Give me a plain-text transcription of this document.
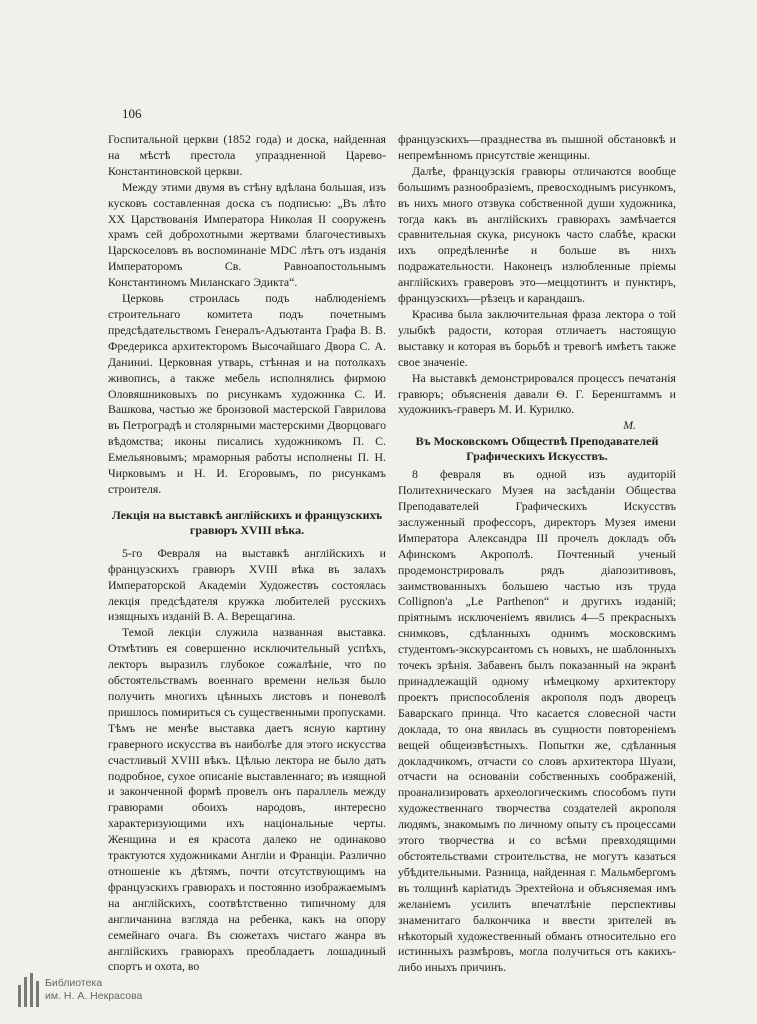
106

Госпитальной церкви (1852 года) и доска, найденная на мѣстѣ престола упраздненной Царево-Константиновской церкви.

Между этими двумя въ стѣну вдѣлана большая, изъ кусковъ составленная доска съ подписью: „Въ лѣто XX Царствованія Императора Николая II сооруженъ храмъ сей доброхотными жертвами благочестивыхъ Царскоселовъ въ воспоминаніе MDC лѣтъ отъ изданія Императоромъ Св. Равноапостольнымъ Константиномъ Миланскаго Эдикта“.

Церковь строилась подъ наблюденіемъ строительнаго комитета подъ почетнымъ предсѣдательствомъ Генералъ-Адъютанта Графа В. В. Фредерикса архитекторомъ Высочайшаго Двора С. А. Даниниі. Церковная утварь, стѣнная и на потолкахъ живопись, а также мебель исполнялись фирмою Оловяшниковыхъ по рисункамъ художника С. И. Вашкова, частью же бронзовой мастерской Гаврилова въ Петроградѣ и столярными мастерскими Дворцоваго вѣдомства; иконы писались художникомъ П. С. Емельяновымъ; мраморныя работы исполнены П. Н. Чирковымъ и Н. И. Егоровымъ, по рисункамъ строителя.

Лекція на выставкѣ англійскихъ и французскихъ гравюръ XVIII вѣка.

5-го Февраля на выставкѣ англійскихъ и французскихъ гравюръ XVIII вѣка въ залахъ Императорской Академіи Художествъ состоялась лекція предсѣдателя кружка любителей русскихъ изящныхъ изданій В. А. Верещагина.

Темой лекціи служила названная выставка. Отмѣтивъ ея совершенно исключительный успѣхъ, лекторъ выразилъ глубокое сожалѣніе, что по обстоятельствамъ военнаго времени нельзя было получить многихъ цѣнныхъ листовъ и поневолѣ пришлось помириться съ существенными пропусками. Тѣмъ не менѣе выставка даетъ ясную картину граверного искусства въ наиболѣе для этого искусства счастливый XVIII вѣкъ. Цѣлью лектора не было дать подробное, сухое описаніе выставленнаго; въ изящной и законченной формѣ провелъ онъ параллель между гравюрами обоихъ народовъ, интересно характеризующими ихъ національные черты. Женщина и ея красота далеко не одинаково трактуются художниками Англіи и Франціи. Различно отношеніе къ дѣтямъ, почти отсутствующимъ на французскихъ гравюрахъ и постоянно изображаемымъ на англійскихъ, соотвѣтственно типичному для англичанина взгляда на ребенка, какъ на опору семейнаго очага. Въ сюжетахъ чистаго жанра въ англійскихъ гравюрахъ преобладаетъ лошадиный спортъ и охота, во

французскихъ—празднества въ пышной обстановкѣ и непремѣнномъ присутствіе женщины.

Далѣе, французскія гравюры отличаются вообще большимъ разнообразіемъ, превосходнымъ рисункомъ, въ нихъ много отзвука собственной души художника, тогда какъ въ англійскихъ гравюрахъ замѣчается сравнительная скука, рисунокъ часто слабѣе, краски ихъ опредѣленнѣе и больше въ нихъ подражательности. Наконецъ излюбленные пріемы англійскихъ граверовъ это—меццотинтъ и пунктиръ, французскихъ—рѣзецъ и карандашъ.

Красива была заключительная фраза лектора о той улыбкѣ радости, которая отличаетъ настоящую выставку и которая въ борьбѣ и тревогѣ имѣетъ также свое значеніе.

На выставкѣ демонстрировался процессъ печатанія гравюръ; объясненія давали Ѳ. Г. Беренштаммъ и художникъ-граверъ М. И. Курилко.

М.

Въ Московскомъ Обществѣ Преподавателей Графическихъ Искусствъ.

8 февраля въ одной изъ аудиторій Политехническаго Музея на засѣданіи Общества Преподавателей Графическихъ Искусствъ заслуженный профессоръ, директоръ Музея имени Императора Александра III прочелъ докладъ объ Афинскомъ Акрополѣ. Почтенный ученый продемонстрировалъ рядъ діапозитивовъ, заимствованныхъ большею частью изъ труда Collignon'a „Le Parthenon“ и другихъ изданій; пріятнымъ исключеніемъ явились 4—5 прекрасныхъ снимковъ, сдѣланныхъ однимъ московскимъ студентомъ-экскурсантомъ съ новыхъ, не шаблонныхъ точекъ зрѣнія. Забавенъ былъ показанный на экранѣ принадлежащій одному нѣмецкому архитектору проектъ приспособленія акрополя подъ дворецъ Баварскаго принца. Что касается словесной части доклада, то она явилась въ сущности повтореніемъ вещей общеизвѣстныхъ. Попытки же, сдѣланныя докладчикомъ, отчасти со словъ архитектора Шуази, отчасти на основаніи собственныхъ соображеній, проанализировать археологическимъ способомъ пути художественнаго творчества создателей акрополя людямъ, знакомымъ по личному опыту съ процессами этого творчества и со всѣми превходящими обстоятельствами строительства, не могутъ казаться убѣдительными. Разница, найденная г. Мальмбергомъ въ толщинѣ каріатидъ Эрехтейона и объясняемая имъ желаніемъ усилить впечатлѣніе перспективы знаменитаго балкончика и ввести зрителей въ нѣкоторый художественный обманъ относительно его истинныхъ размѣровъ, могла получиться отъ какихъ-либо иныхъ причинъ.

Библиотека
им. Н. А. Некрасова
